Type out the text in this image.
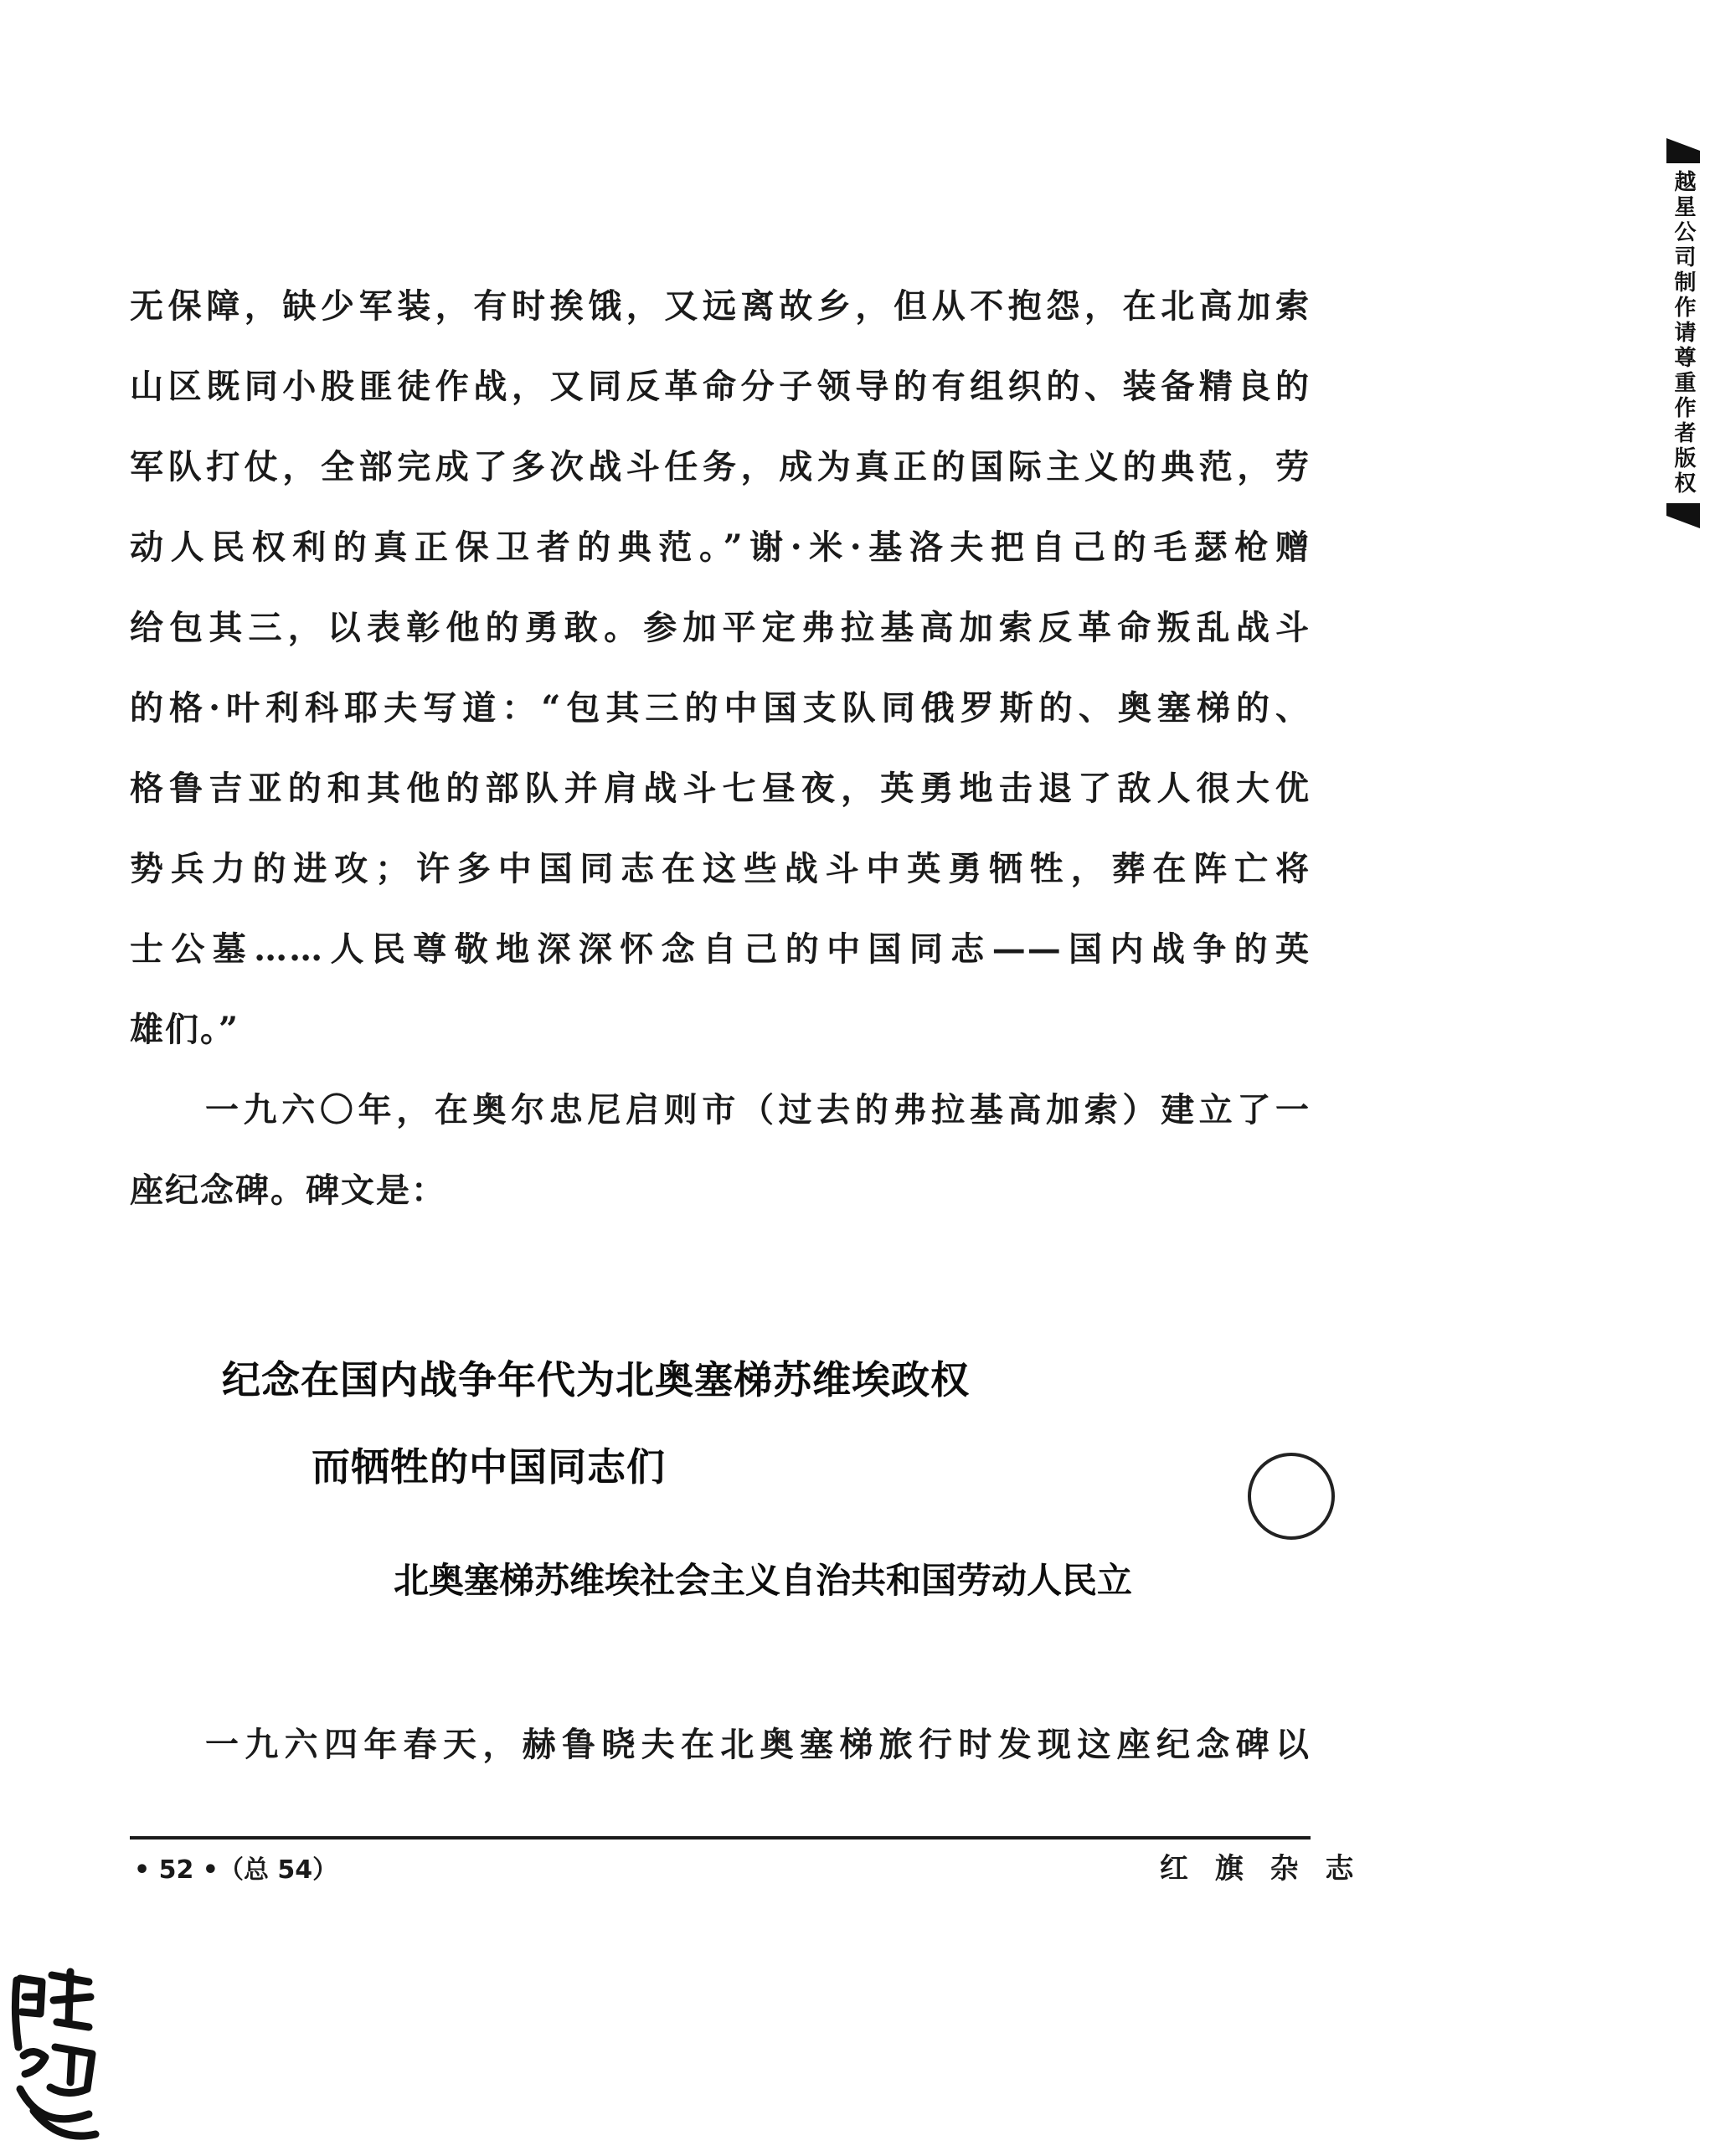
无保障，缺少军装，有时挨饿，又远离故乡，但从不抱怨，在北高加索
山区既同小股匪徒作战，又同反革命分子领导的有组织的、装备精良的
军队打仗，全部完成了多次战斗任务，成为真正的国际主义的典范，劳
动人民权利的真正保卫者的典范。”谢·米·基洛夫把自己的毛瑟枪赠
给包其三，以表彰他的勇敢。参加平定弗拉基高加索反革命叛乱战斗
的格·叶利科耶夫写道：“包其三的中国支队同俄罗斯的、奥塞梯的、
格鲁吉亚的和其他的部队并肩战斗七昼夜，英勇地击退了敌人很大优
势兵力的进攻；许多中国同志在这些战斗中英勇牺牲，葬在阵亡将
士公墓……人民尊敬地深深怀念自己的中国同志——国内战争的英
雄们。”
一九六〇年，在奥尔忠尼启则市（过去的弗拉基高加索）建立了一
座纪念碑。碑文是：
一九六四年春天，赫鲁晓夫在北奥塞梯旅行时发现这座纪念碑以
纪念在国内战争年代为北奥塞梯苏维埃政权
而牺牲的中国同志们
北奥塞梯苏维埃社会主义自治共和国劳动人民立
• 52 •（总 54）	红 旗 杂 志
越星公司制作请尊重作者版权
